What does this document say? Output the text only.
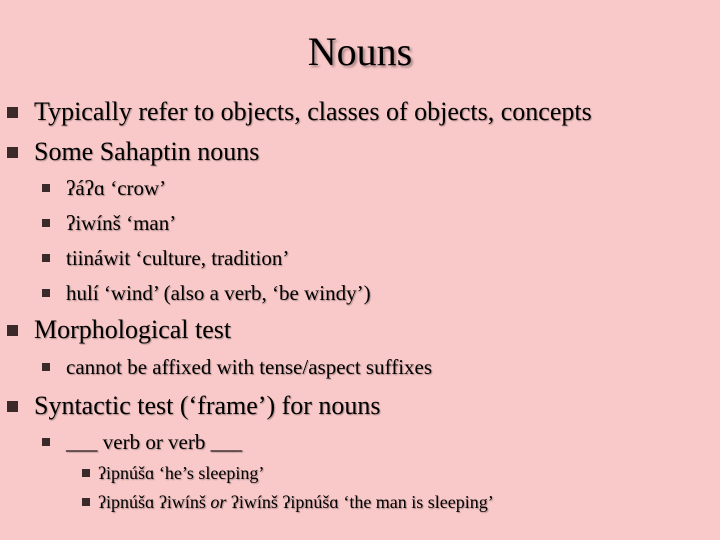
Nouns
Typically refer to objects, classes of objects, concepts
Some Sahaptin nouns
ʔáʔɑ ‘crow’
ʔiwínš ‘man’
tiináwit ‘culture, tradition’
hulí ‘wind’ (also a verb, ‘be windy’)
Morphological test
cannot be affixed with tense/aspect suffixes
Syntactic test (‘frame’) for nouns
___ verb or verb ___
ʔipnúšɑ ‘he’s sleeping’
ʔipnúšɑ ʔiwínš or ʔiwínš ʔipnúšɑ ‘the man is sleeping’
